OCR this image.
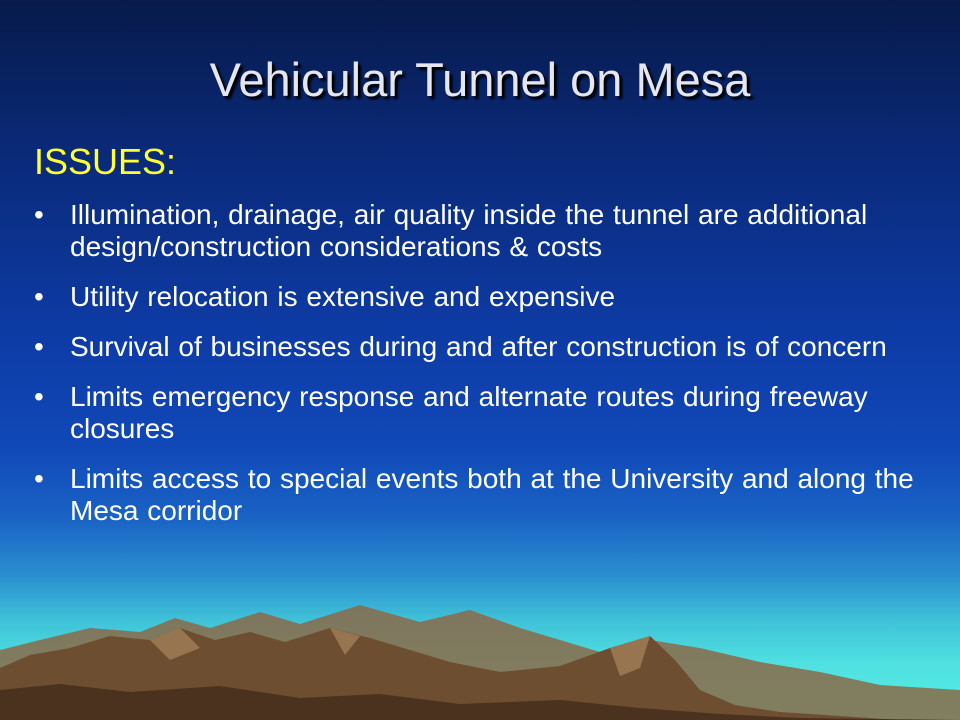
Vehicular Tunnel on Mesa
ISSUES:
• Illumination, drainage, air quality inside the tunnel are additional design/construction considerations & costs
• Utility relocation is extensive and expensive
• Survival of businesses during and after construction is of concern
• Limits emergency response and alternate routes during freeway closures
• Limits access to special events both at the University and along the Mesa corridor
